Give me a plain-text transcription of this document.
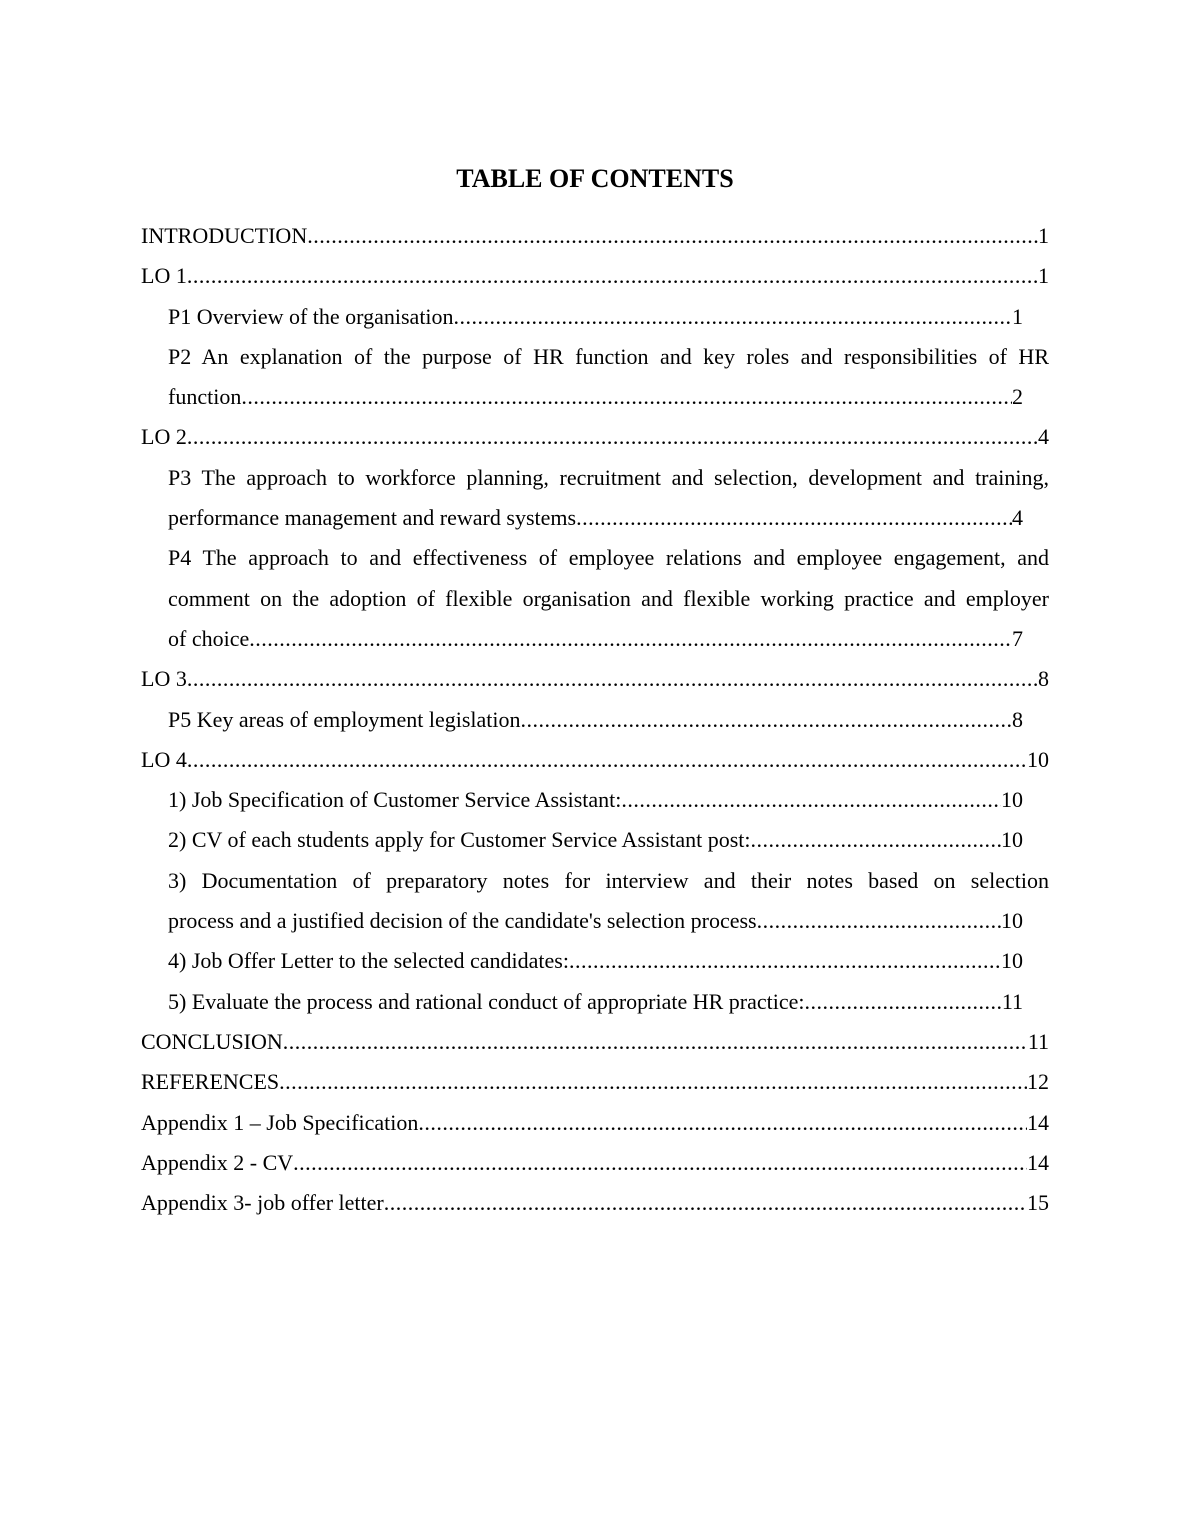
TABLE OF CONTENTS
INTRODUCTION .....	1
LO 1 .....	1
P1 Overview of the organisation .....	1
P2 An explanation of the purpose of HR function and key roles and responsibilities of HR
function .....	2
LO 2 .....	4
P3 The approach to workforce planning, recruitment and selection, development and training,
performance management and reward systems .....	4
P4 The approach to and effectiveness of employee relations and employee engagement, and
comment on the adoption of flexible organisation and flexible working practice and employer
of choice .....	7
LO 3 .....	8
P5 Key areas of employment legislation .....	8
LO 4 .....	10
1) Job Specification of Customer Service Assistant: .....	10
2) CV of each students apply for Customer Service Assistant post: .....	10
3) Documentation of preparatory notes for interview and their notes based on selection
process and a justified decision of the candidate's selection process .....	10
4) Job Offer Letter to the selected candidates: .....	10
5) Evaluate the process and rational conduct of appropriate HR practice: .....	11
CONCLUSION .....	11
REFERENCES .....	12
Appendix 1 – Job Specification .....	14
Appendix 2 - CV .....	14
Appendix 3- job offer letter .....	15
